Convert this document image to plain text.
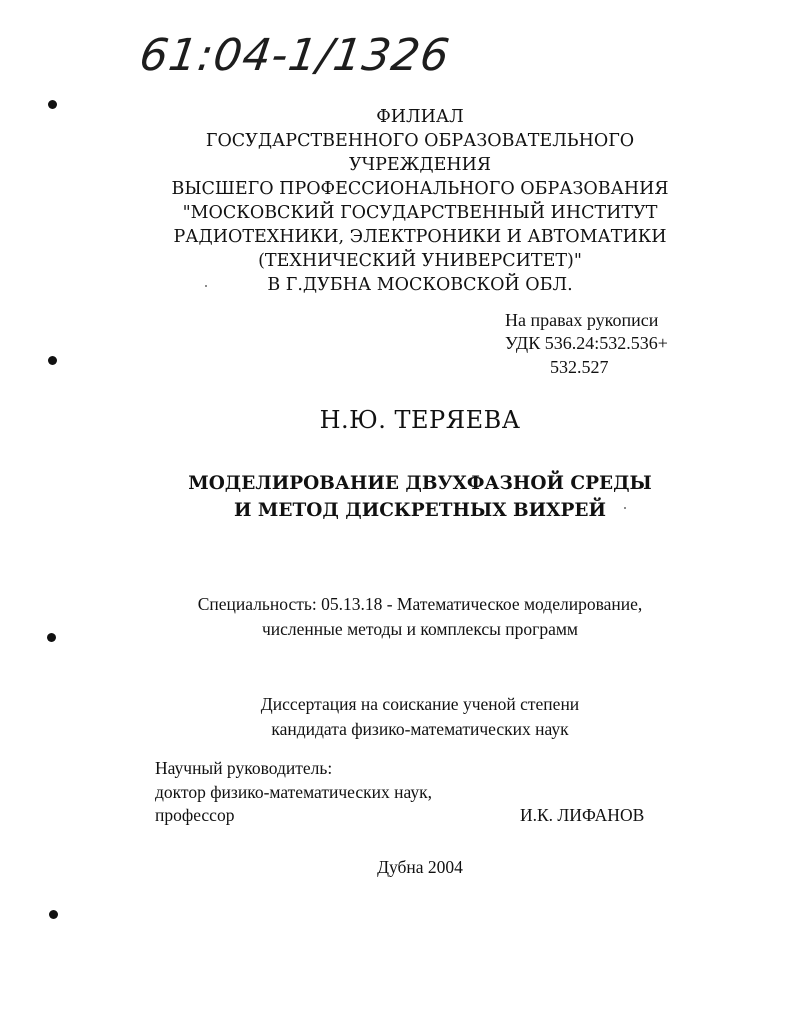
61:04-1/1326
ФИЛИАЛ
ГОСУДАРСТВЕННОГО ОБРАЗОВАТЕЛЬНОГО
УЧРЕЖДЕНИЯ
ВЫСШЕГО ПРОФЕССИОНАЛЬНОГО ОБРАЗОВАНИЯ
"МОСКОВСКИЙ ГОСУДАРСТВЕННЫЙ ИНСТИТУТ
РАДИОТЕХНИКИ, ЭЛЕКТРОНИКИ И АВТОМАТИКИ
(ТЕХНИЧЕСКИЙ УНИВЕРСИТЕТ)"
В Г.ДУБНА МОСКОВСКОЙ ОБЛ.
На правах рукописи
УДК 536.24:532.536+
532.527
Н.Ю. ТЕРЯЕВА
МОДЕЛИРОВАНИЕ ДВУХФАЗНОЙ СРЕДЫ
И МЕТОД ДИСКРЕТНЫХ ВИХРЕЙ
Специальность: 05.13.18 - Математическое моделирование,
численные методы и комплексы программ
Диссертация на соискание ученой степени
кандидата физико-математических наук
Научный руководитель:
доктор физико-математических наук,
профессор	И.К. ЛИФАНОВ
Дубна 2004
